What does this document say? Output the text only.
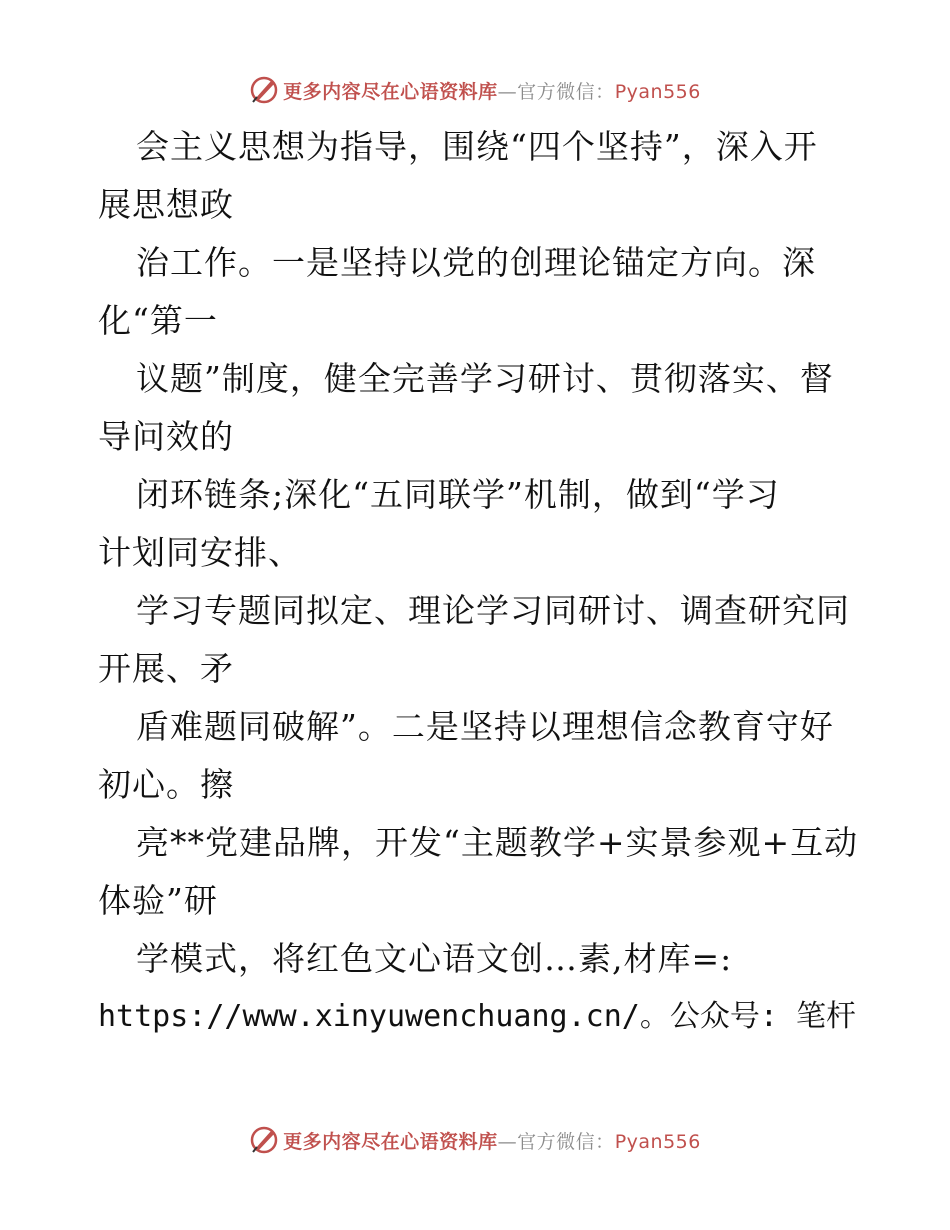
更多内容尽在心语资料库—官方微信：Pyan556
会主义思想为指导，围绕“四个坚持”，深入开
展思想政
治工作。一是坚持以党的创理论锚定方向。深
化“第一
议题”制度，健全完善学习研讨、贯彻落实、督
导问效的
闭环链条;深化“五同联学”机制，做到“学习
计划同安排、
学习专题同拟定、理论学习同研讨、调查研究同
开展、矛
盾难题同破解”。二是坚持以理想信念教育守好
初心。擦
亮**党建品牌，开发“主题教学+实景参观+互动
体验”研
学模式，将红色文心语文创…素,材库=:
https://www.xinyuwenchuang.cn/。公众号: 笔杆
更多内容尽在心语资料库—官方微信：Pyan556
